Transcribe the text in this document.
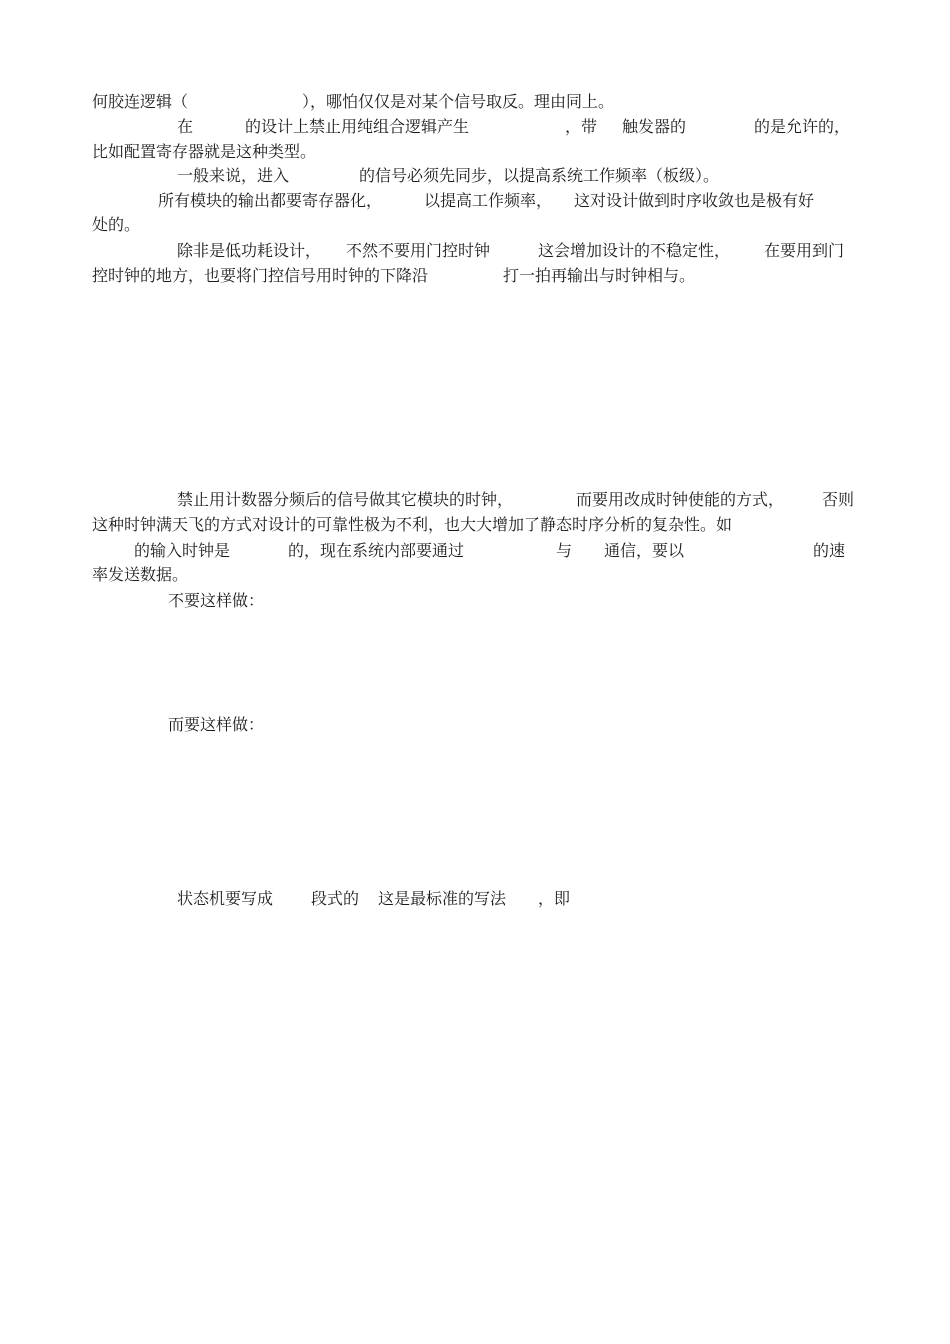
何胶连逻辑（	），哪怕仅仅是对某个信号取反。理由同上。
在	的设计上禁止用纯组合逻辑产生	，带 触发器的	的是允许的，
比如配置寄存器就是这种类型。
一般来说，进入	的信号必须先同步，以提高系统工作频率（板级）。
所有模块的输出都要寄存器化，	以提高工作频率， 这对设计做到时序收敛也是极有好
处的。
除非是低功耗设计， 不然不要用门控时钟	这会增加设计的不稳定性， 在要用到门
控时钟的地方，也要将门控信号用时钟的下降沿	打一拍再输出与时钟相与。
禁止用计数器分频后的信号做其它模块的时钟，	而要用改成时钟使能的方式， 否则
这种时钟满天飞的方式对设计的可靠性极为不利，也大大增加了静态时序分析的复杂性。如
的输入时钟是	的，现在系统内部要通过	与 通信，要以	的速
率发送数据。
不要这样做：
而要这样做：
状态机要写成 段式的 这是最标准的写法 ，即
